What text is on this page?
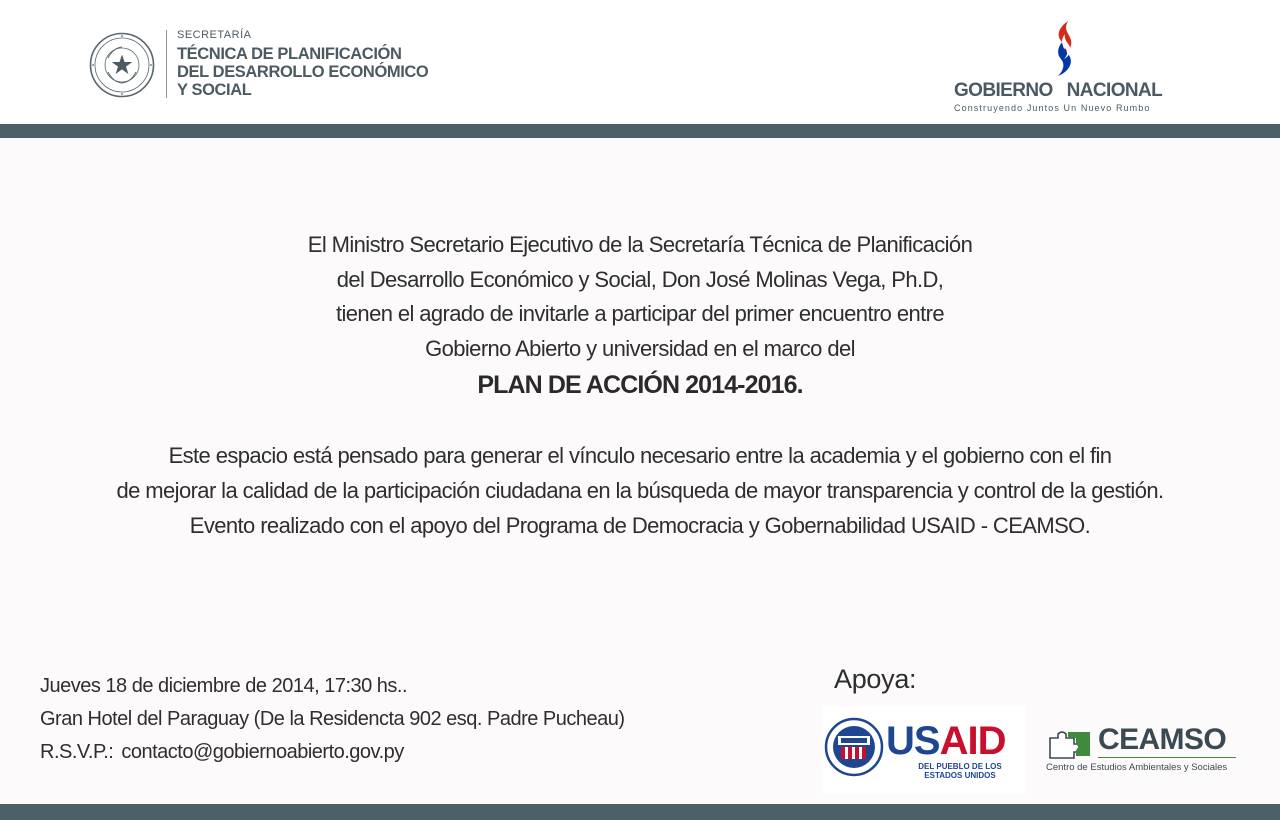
SECRETARÍA
TÉCNICA DE PLANIFICACIÓN
DEL DESARROLLO ECONÓMICO
Y SOCIAL	GOBIERNO NACIONAL
Construyendo Juntos Un Nuevo Rumbo
El Ministro Secretario Ejecutivo de la Secretaría Técnica de Planificación
del Desarrollo Económico y Social, Don José Molinas Vega, Ph.D,
tienen el agrado de invitarle a participar del primer encuentro entre
Gobierno Abierto y universidad en el marco del
PLAN DE ACCIÓN 2014-2016.
Este espacio está pensado para generar el vínculo necesario entre la academia y el gobierno con el fin
de mejorar la calidad de la participación ciudadana en la búsqueda de mayor transparencia y control de la gestión.
Evento realizado con el apoyo del Programa de Democracia y Gobernabilidad USAID - CEAMSO.
Jueves 18 de diciembre de 2014, 17:30 hs..
Gran Hotel del Paraguay (De la Residencta 902 esq. Padre Pucheau)
R.S.V.P.: contacto@gobiernoabierto.gov.py
Apoya:
USAID
DEL PUEBLO DE LOS
ESTADOS UNIDOS
CEAMSO
Centro de Estudios Ambientales y Sociales
